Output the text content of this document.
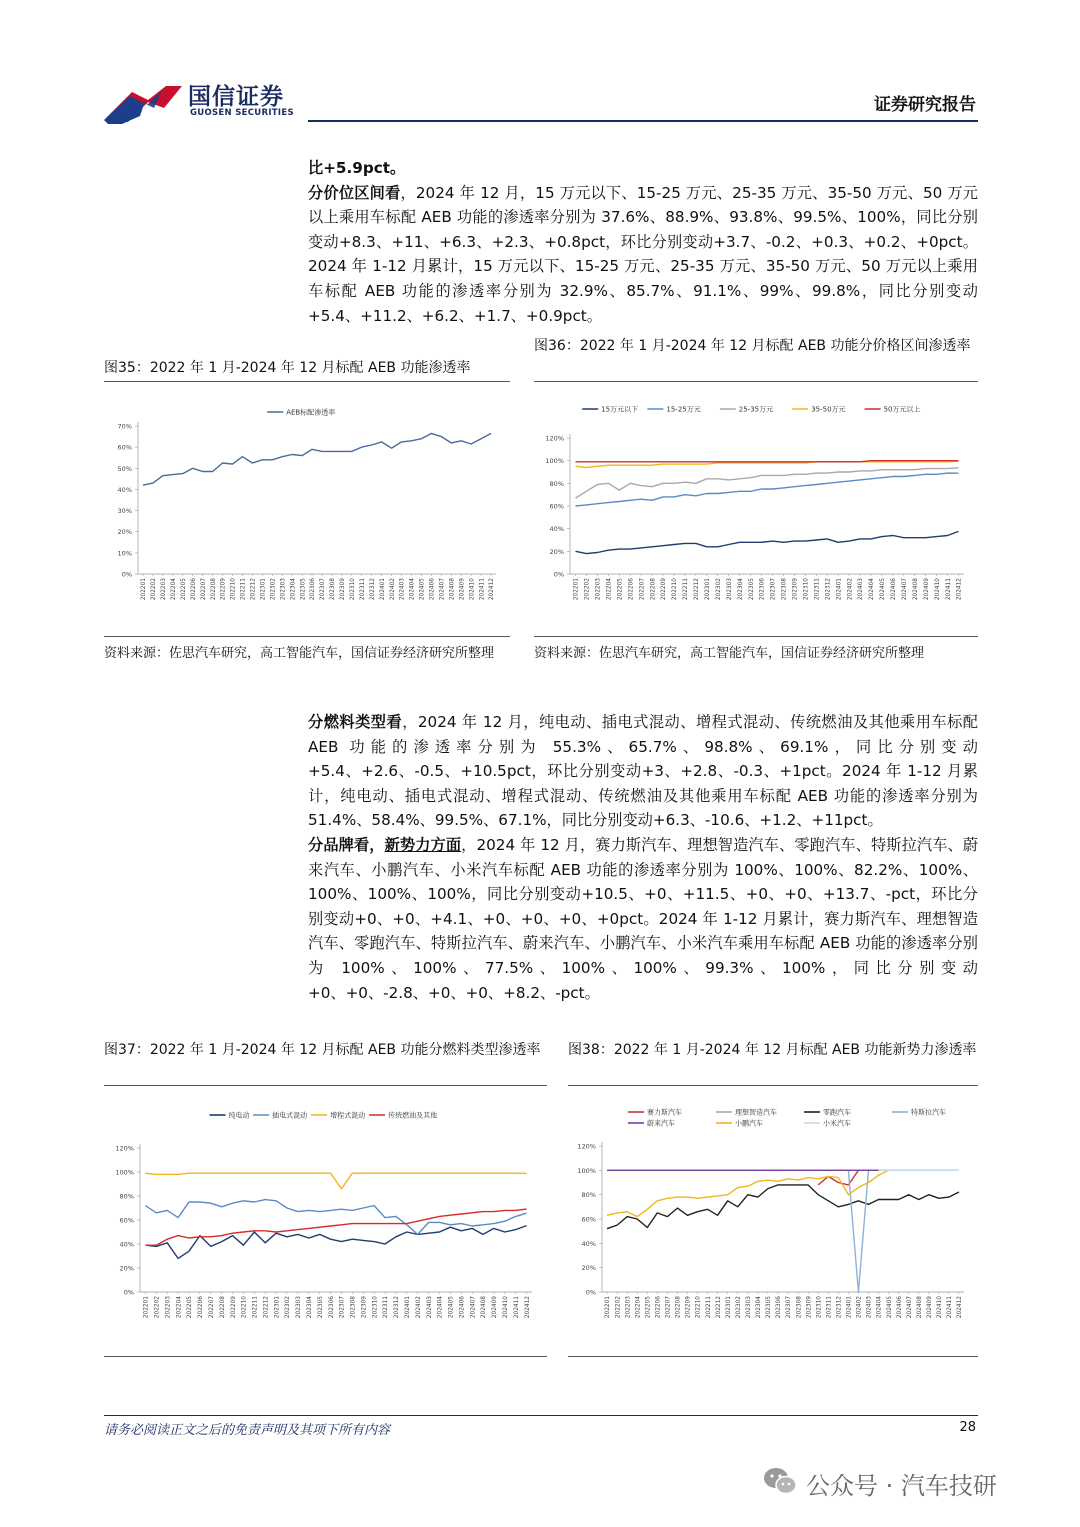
国信证券
GUOSEN SECURITIES	证券研究报告

比+5.9pct。

分价位区间看，2024 年 12 月，15 万元以下、15-25 万元、25-35 万元、35-50 万元、50 万元以上乘用车标配 AEB 功能的渗透率分别为 37.6%、88.9%、93.8%、99.5%、100%，同比分别变动+8.3、+11、+6.3、+2.3、+0.8pct，环比分别变动+3.7、-0.2、+0.3、+0.2、+0pct。2024 年 1-12 月累计，15 万元以下、15-25 万元、25-35 万元、35-50 万元、50 万元以上乘用车标配 AEB 功能的渗透率分别为 32.9%、85.7%、91.1%、99%、99.8%，同比分别变动+5.4、+11.2、+6.2、+1.7、+0.9pct。

图35：2022 年 1 月-2024 年 12 月标配 AEB 功能渗透率
0%
10%
20%
30%
40%
50%
60%
70%
202201 202202 202203 202204 202205 202206 202207 202208 202209 202210 202211 202212 202301 202302 202303 202304 202305 202306 202307 202308 202309 202310 202311 202312 202401 202402 202403 202404 202405 202406 202407 202408 202409 202410 202411 202412
AEB标配渗透率
资料来源：佐思汽车研究，高工智能汽车，国信证券经济研究所整理
图36：2022 年 1 月-2024 年 12 月标配 AEB 功能分价格区间渗透率
0%
20%
40%
60%
80%
100%
120%
202201 202202 202203 202204 202205 202206 202207 202208 202209 202210 202211 202212 202301 202302 202303 202304 202305 202306 202307 202308 202309 202310 202311 202312 202401 202402 202403 202404 202405 202406 202407 202408 202409 202410 202411 202412
15万元以下	15-25万元	25-35万元	35-50万元	50万元以上
资料来源：佐思汽车研究，高工智能汽车，国信证券经济研究所整理

分燃料类型看，2024 年 12 月，纯电动、插电式混动、增程式混动、传统燃油及其他乘用车标配 AEB 功能的渗透率分别为 55.3%、65.7%、98.8%、69.1%，同比分别变动+5.4、+2.6、-0.5、+10.5pct，环比分别变动+3、+2.8、-0.3、+1pct。2024 年 1-12 月累计，纯电动、插电式混动、增程式混动、传统燃油及其他乘用车标配 AEB 功能的渗透率分别为 51.4%、58.4%、99.5%、67.1%，同比分别变动+6.3、-10.6、+1.2、+11pct。

分品牌看，新势力方面，2024 年 12 月，赛力斯汽车、理想智造汽车、零跑汽车、特斯拉汽车、蔚来汽车、小鹏汽车、小米汽车标配 AEB 功能的渗透率分别为 100%、100%、82.2%、100%、100%、100%、100%，同比分别变动+10.5、+0、+11.5、+0、+0、+13.7、-pct，环比分别变动+0、+0、+4.1、+0、+0、+0、+0pct。2024 年 1-12 月累计，赛力斯汽车、理想智造汽车、零跑汽车、特斯拉汽车、蔚来汽车、小鹏汽车、小米汽车乘用车标配 AEB 功能的渗透率分别为 100%、100%、77.5%、100%、100%、99.3%、100%，同比分别变动+0、+0、-2.8、+0、+0、+8.2、-pct。

图37：2022 年 1 月-2024 年 12 月标配 AEB 功能分燃料类型渗透率
0%
20%
40%
60%
80%
100%
120%
202201 202202 202203 202204 202205 202206 202207 202208 202209 202210 202211 202212 202301 202302 202303 202304 202305 202306 202307 202308 202309 202310 202311 202312 202401 202402 202403 202404 202405 202406 202407 202408 202409 202410 202411 202412
纯电动	插电式混动	增程式混动	传统燃油及其他
图38：2022 年 1 月-2024 年 12 月标配 AEB 功能新势力渗透率
0%
20%
40%
60%
80%
100%
120%
202201 202202 202203 202204 202205 202206 202207 202208 202209 202210 202211 202212 202301 202302 202303 202304 202305 202306 202307 202308 202309 202310 202311 202312 202401 202402 202403 202404 202405 202406 202407 202408 202409 202410 202411 202412
赛力斯汽车	理想智造汽车	零跑汽车	特斯拉汽车
蔚来汽车	小鹏汽车	小米汽车
请务必阅读正文之后的免责声明及其项下所有内容	28
公众号 · 汽车技研
